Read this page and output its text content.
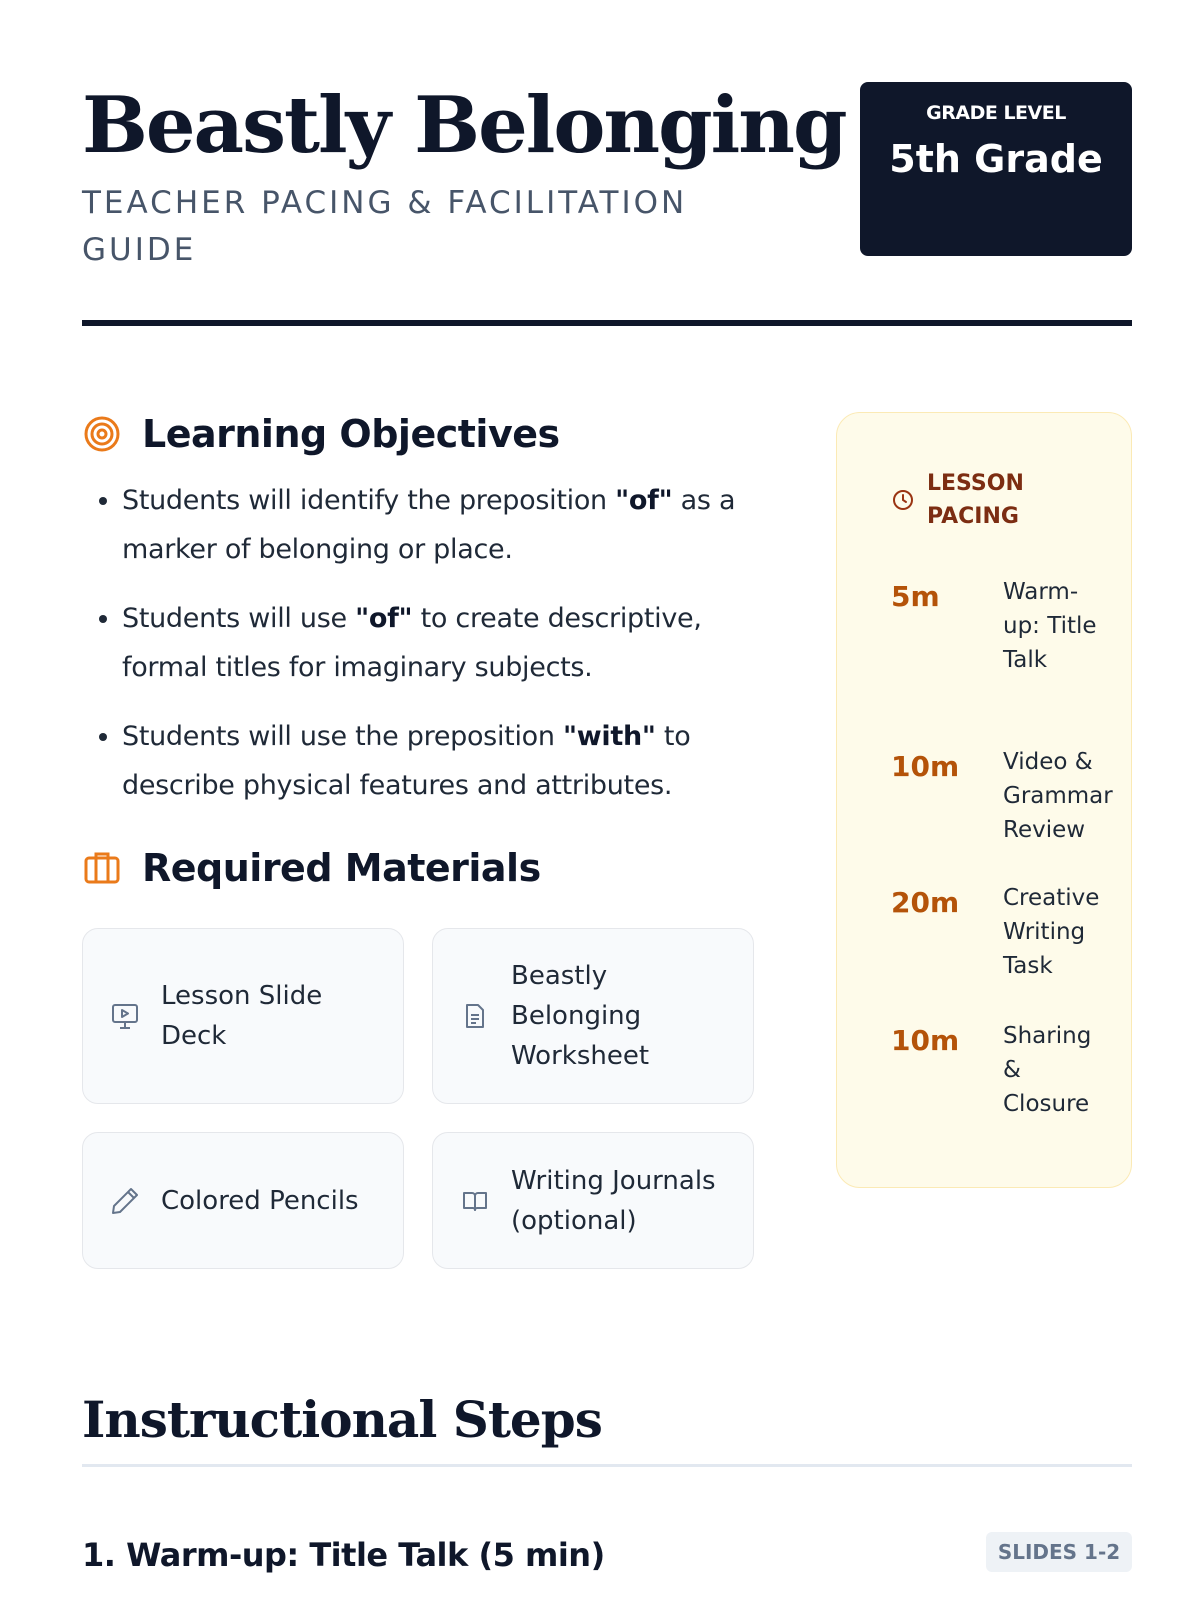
Beastly Belonging
TEACHER PACING & FACILITATION GUIDE
GRADE LEVEL
5th Grade
Learning Objectives
• Students will identify the preposition "of" as a marker of belonging or place.
• Students will use "of" to create descriptive, formal titles for imaginary subjects.
• Students will use the preposition "with" to describe physical features and attributes.
Required Materials
Lesson Slide Deck
Beastly Belonging Worksheet
Colored Pencils
Writing Journals (optional)
LESSON PACING
5m	Warm-up: Title Talk
10m	Video & Grammar Review
20m	Creative Writing Task
10m	Sharing & Closure
Instructional Steps
1. Warm-up: Title Talk (5 min)	SLIDES 1-2
